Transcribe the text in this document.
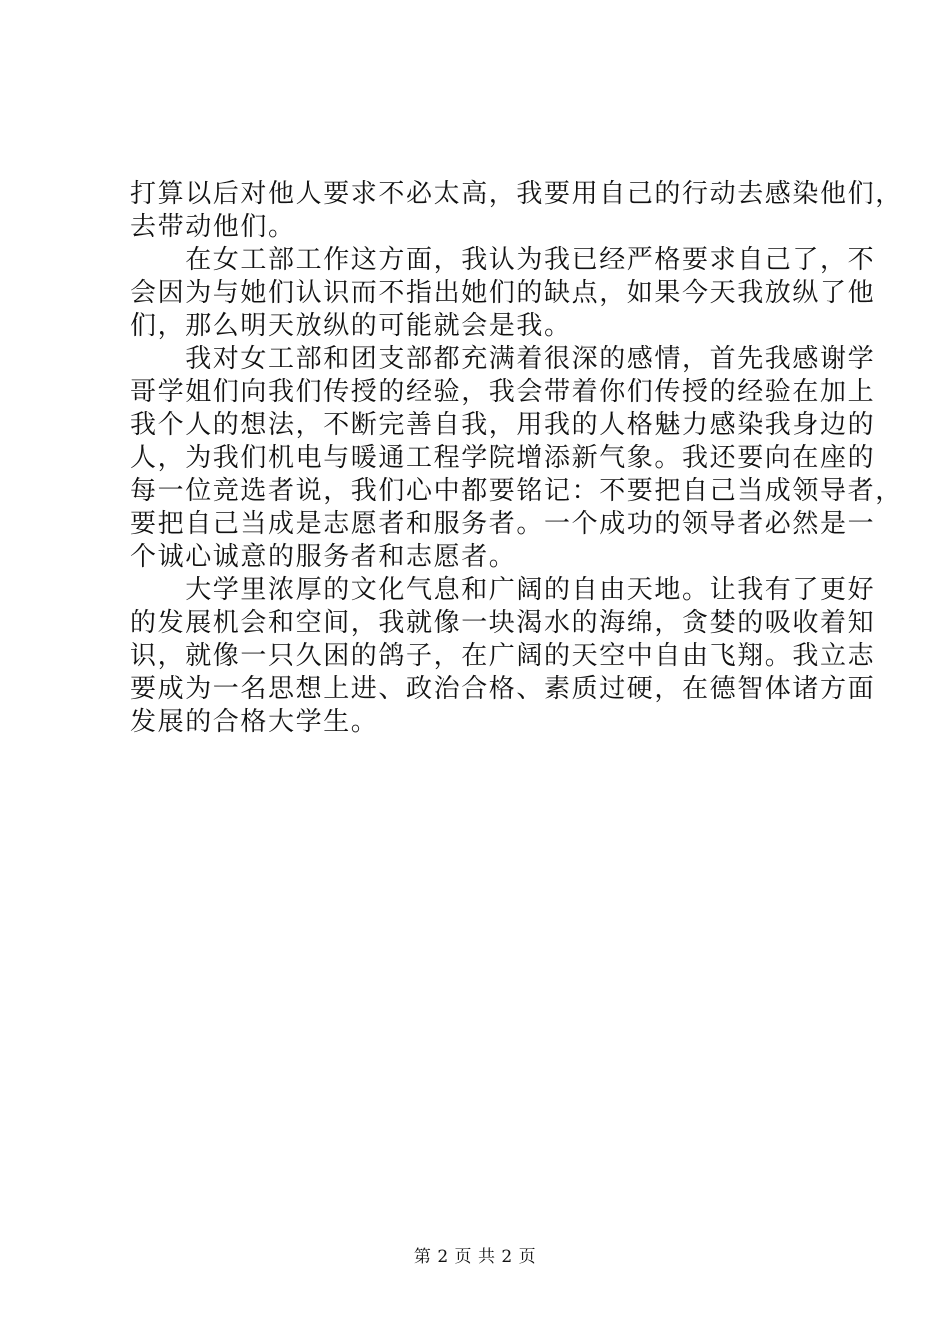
打算以后对他人要求不必太高，我要用自己的行动去感染他们，
去带动他们。
　　在女工部工作这方面，我认为我已经严格要求自己了，不
会因为与她们认识而不指出她们的缺点，如果今天我放纵了他
们，那么明天放纵的可能就会是我。
　　我对女工部和团支部都充满着很深的感情，首先我感谢学
哥学姐们向我们传授的经验，我会带着你们传授的经验在加上
我个人的想法，不断完善自我，用我的人格魅力感染我身边的
人，为我们机电与暖通工程学院增添新气象。我还要向在座的
每一位竞选者说，我们心中都要铭记：不要把自己当成领导者，
要把自己当成是志愿者和服务者。一个成功的领导者必然是一
个诚心诚意的服务者和志愿者。
　　大学里浓厚的文化气息和广阔的自由天地。让我有了更好
的发展机会和空间，我就像一块渴水的海绵，贪婪的吸收着知
识，就像一只久困的鸽子，在广阔的天空中自由飞翔。我立志
要成为一名思想上进、政治合格、素质过硬，在德智体诸方面
发展的合格大学生。
第 2 页 共 2 页
